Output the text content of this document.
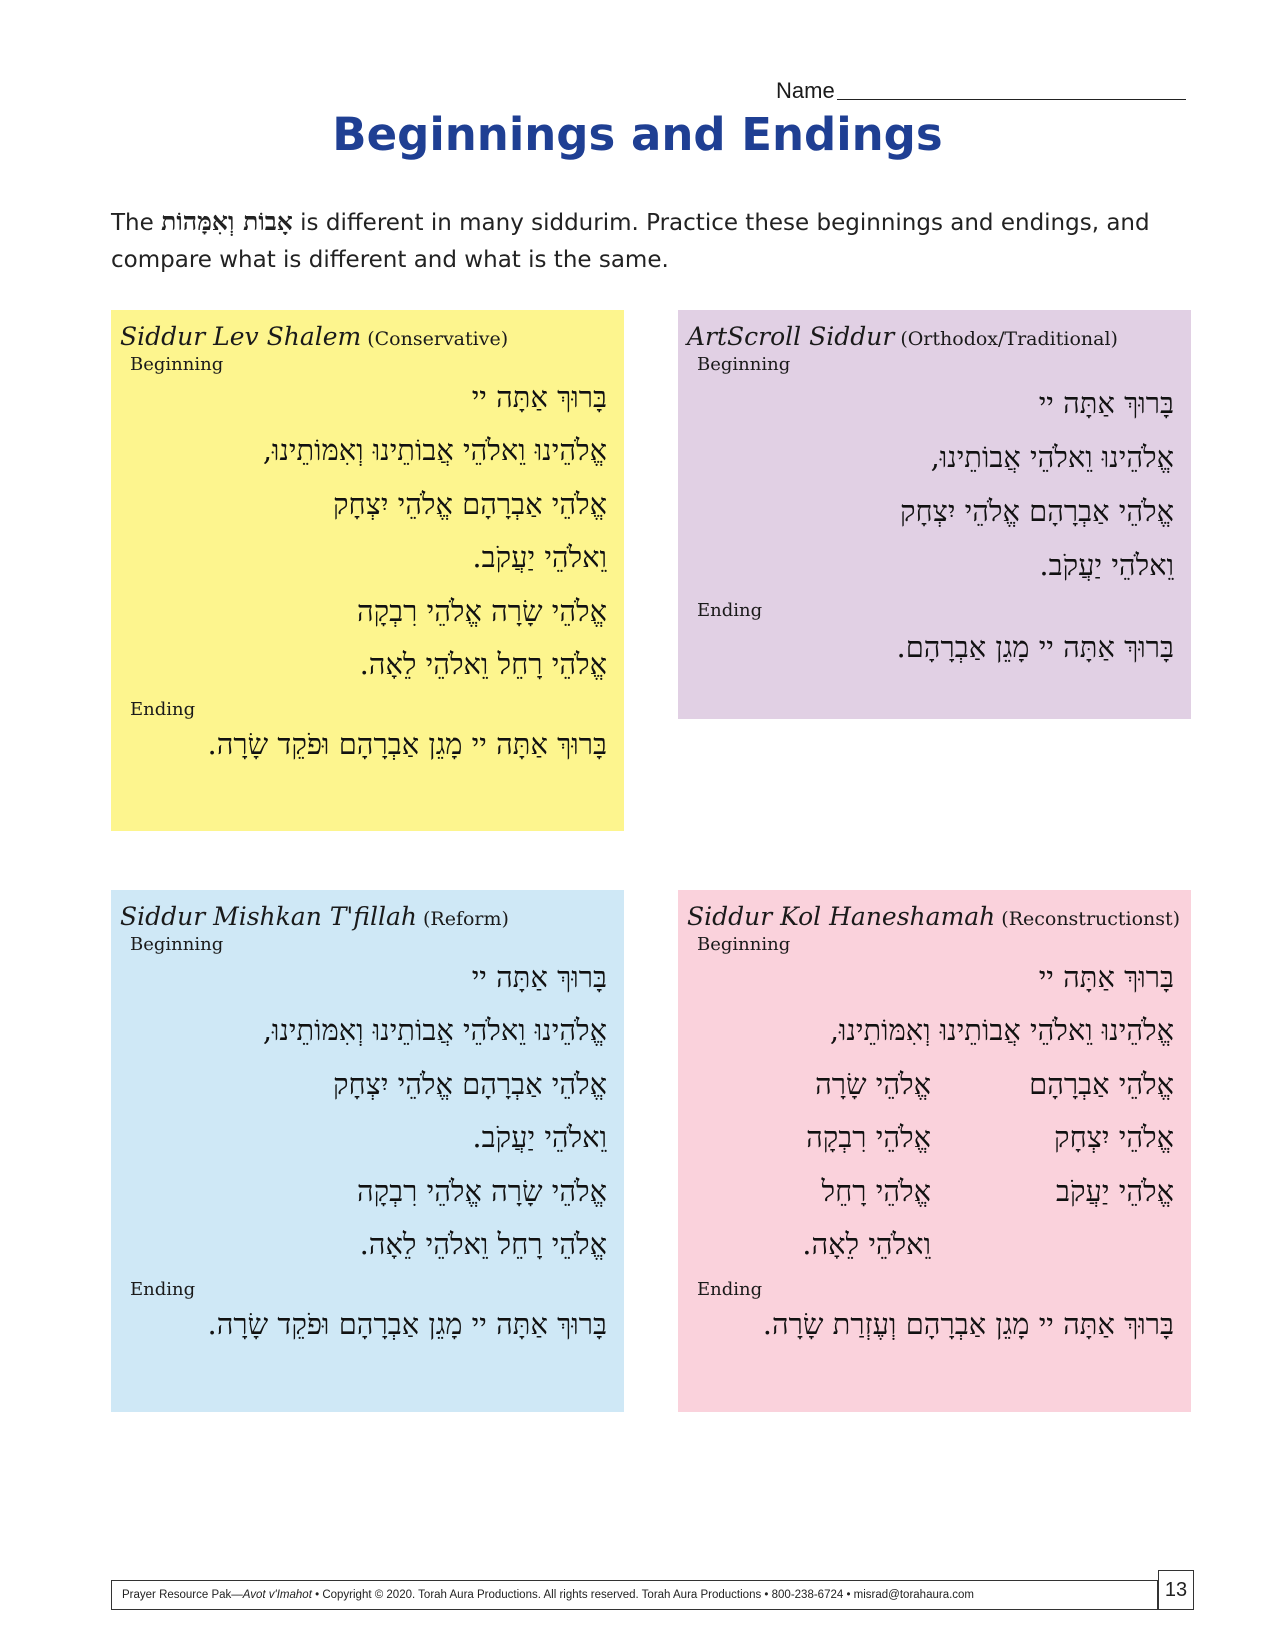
Name
Beginnings and Endings
The אָבוֹת וְאִמָּהוֹת is different in many siddurim. Practice these beginnings and endings, and compare what is different and what is the same.
Siddur Lev Shalem (Conservative)
Beginning
בָּרוּךְ אַתָּה יי
אֱלֹהֵינוּ וֵאלֹהֵי אֲבוֹתֵינוּ וְאִמּוֹתֵינוּ,
אֱלֹהֵי אַבְרָהָם אֱלֹהֵי יִצְחָק
וֵאלֹהֵי יַעֲקֹב.
אֱלֹהֵי שָׂרָה אֱלֹהֵי רִבְקָה
אֱלֹהֵי רָחֵל וֵאלֹהֵי לֵאָה.
Ending
בָּרוּךְ אַתָּה יי מָגֵן אַבְרָהָם וּפֹקֵד שָׂרָה.
ArtScroll Siddur (Orthodox/Traditional)
Beginning
בָּרוּךְ אַתָּה יי
אֱלֹהֵינוּ וֵאלֹהֵי אֲבוֹתֵינוּ,
אֱלֹהֵי אַבְרָהָם אֱלֹהֵי יִצְחָק
וֵאלֹהֵי יַעֲקֹב.
Ending
בָּרוּךְ אַתָּה יי מָגֵן אַבְרָהָם.
Siddur Mishkan T'fillah (Reform)
Beginning
בָּרוּךְ אַתָּה יי
אֱלֹהֵינוּ וֵאלֹהֵי אֲבוֹתֵינוּ וְאִמּוֹתֵינוּ,
אֱלֹהֵי אַבְרָהָם אֱלֹהֵי יִצְחָק
וֵאלֹהֵי יַעֲקֹב.
אֱלֹהֵי שָׂרָה אֱלֹהֵי רִבְקָה
אֱלֹהֵי רָחֵל וֵאלֹהֵי לֵאָה.
Ending
בָּרוּךְ אַתָּה יי מָגֵן אַבְרָהָם וּפֹקֵד שָׂרָה.
Siddur Kol Haneshamah (Reconstructionst)
Beginning
בָּרוּךְ אַתָּה יי
אֱלֹהֵינוּ וֵאלֹהֵי אֲבוֹתֵינוּ וְאִמּוֹתֵינוּ,
אֱלֹהֵי אַבְרָהָם
אֱלֹהֵי יִצְחָק
אֱלֹהֵי יַעֲקֹב
אֱלֹהֵי שָׂרָה
אֱלֹהֵי רִבְקָה
אֱלֹהֵי רָחֵל
וֵאלֹהֵי לֵאָה.
Ending
בָּרוּךְ אַתָּה יי מָגֵן אַבְרָהָם וְעֶזְרַת שָׂרָה.
Prayer Resource Pak— Avot v'Imahot • Copyright © 2020. Torah Aura Productions. All rights reserved. Torah Aura Productions • 800-238-6724 • misrad@torahaura.com	13
